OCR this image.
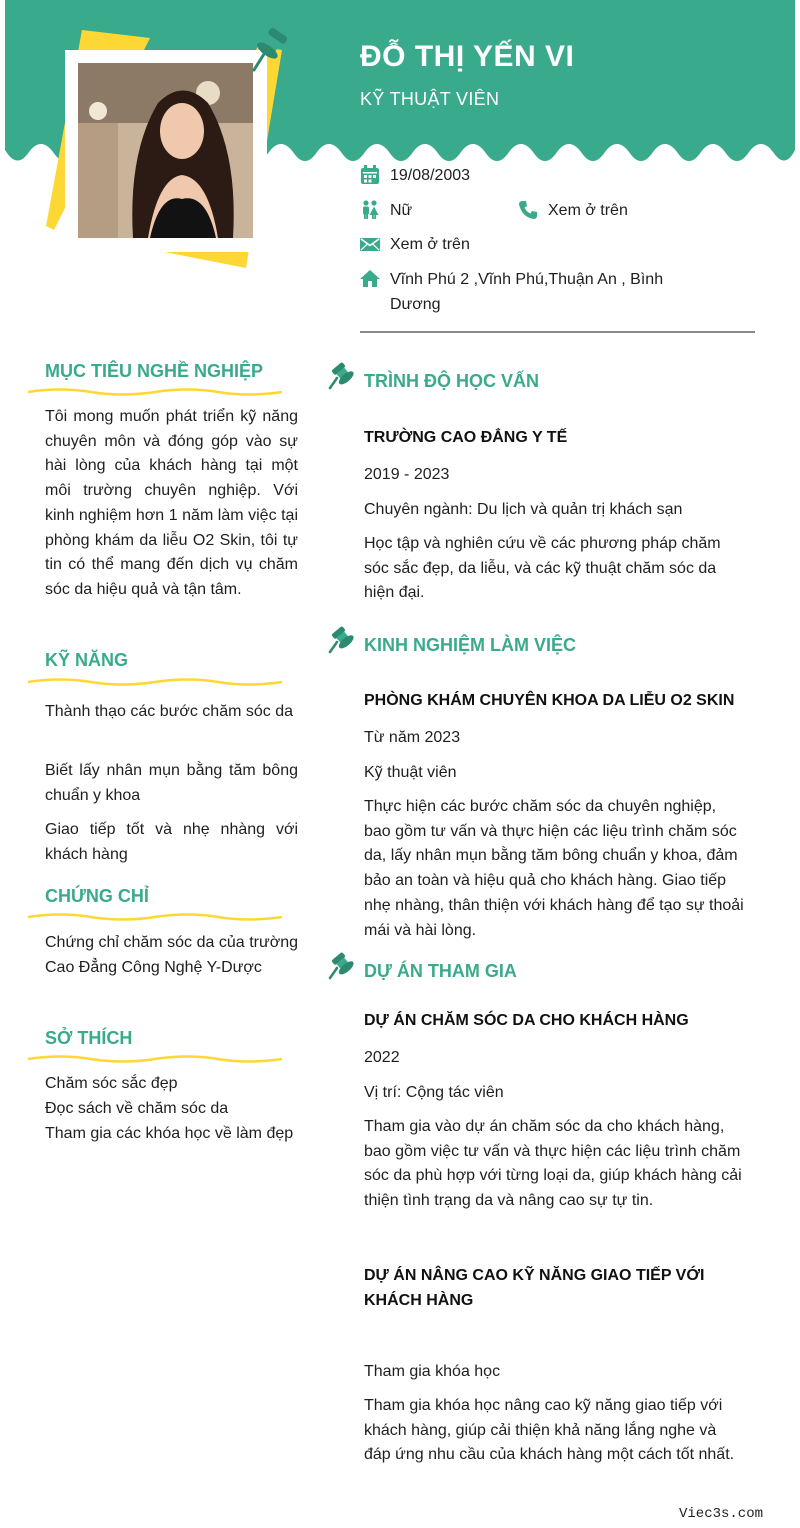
ĐỖ THỊ YẾN VI
KỸ THUẬT VIÊN
19/08/2003
Nữ	Xem ở trên
Xem ở trên
Vĩnh Phú 2 ,Vĩnh Phú,Thuận An , Bình
Dương
MỤC TIÊU NGHỀ NGHIỆP
Tôi mong muốn phát triển kỹ năng chuyên môn và đóng góp vào sự hài lòng của khách hàng tại một môi trường chuyên nghiệp. Với kinh nghiệm hơn 1 năm làm việc tại phòng khám da liễu O2 Skin, tôi tự tin có thể mang đến dịch vụ chăm sóc da hiệu quả và tận tâm.
KỸ NĂNG
Thành thạo các bước chăm sóc da
Biết lấy nhân mụn bằng tăm bông chuẩn y khoa
Giao tiếp tốt và nhẹ nhàng với khách hàng
CHỨNG CHỈ
Chứng chỉ chăm sóc da của trường Cao Đẳng Công Nghệ Y-Dược
SỞ THÍCH
Chăm sóc sắc đẹp
Đọc sách về chăm sóc da
Tham gia các khóa học về làm đẹp
TRÌNH ĐỘ HỌC VẤN
TRƯỜNG CAO ĐẲNG Y TẾ
2019 - 2023
Chuyên ngành: Du lịch và quản trị khách sạn
Học tập và nghiên cứu về các phương pháp chăm sóc sắc đẹp, da liễu, và các kỹ thuật chăm sóc da hiện đại.
KINH NGHIỆM LÀM VIỆC
PHÒNG KHÁM CHUYÊN KHOA DA LIỄU O2 SKIN
Từ năm 2023
Kỹ thuật viên
Thực hiện các bước chăm sóc da chuyên nghiệp, bao gồm tư vấn và thực hiện các liệu trình chăm sóc da, lấy nhân mụn bằng tăm bông chuẩn y khoa, đảm bảo an toàn và hiệu quả cho khách hàng. Giao tiếp nhẹ nhàng, thân thiện với khách hàng để tạo sự thoải mái và hài lòng.
DỰ ÁN THAM GIA
DỰ ÁN CHĂM SÓC DA CHO KHÁCH HÀNG
2022
Vị trí: Cộng tác viên
Tham gia vào dự án chăm sóc da cho khách hàng, bao gồm việc tư vấn và thực hiện các liệu trình chăm sóc da phù hợp với từng loại da, giúp khách hàng cải thiện tình trạng da và nâng cao sự tự tin.
DỰ ÁN NÂNG CAO KỸ NĂNG GIAO TIẾP VỚI KHÁCH HÀNG
Tham gia khóa học
Tham gia khóa học nâng cao kỹ năng giao tiếp với khách hàng, giúp cải thiện khả năng lắng nghe và đáp ứng nhu cầu của khách hàng một cách tốt nhất.
Viec3s.com
